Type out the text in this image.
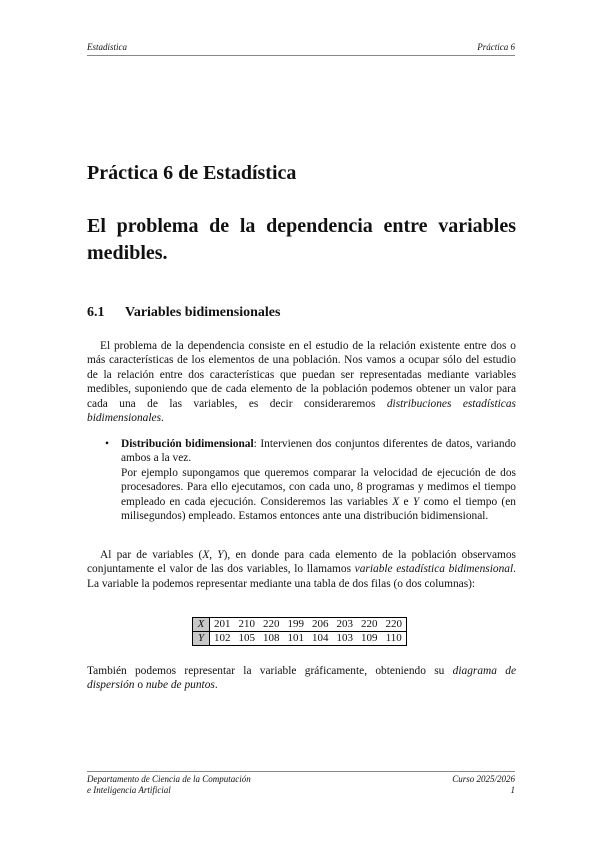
Estadística	Práctica 6
Práctica 6 de Estadística
El problema de la dependencia entre variables medibles.
6.1 Variables bidimensionales

El problema de la dependencia consiste en el estudio de la relación existente entre dos o más características de los elementos de una población. Nos vamos a ocupar sólo del estudio de la relación entre dos características que puedan ser representadas mediante variables medibles, suponiendo que de cada elemento de la población podemos obtener un valor para cada una de las variables, es decir consideraremos distribuciones estadísticas bidimensionales.

• Distribución bidimensional: Intervienen dos conjuntos diferentes de datos, variando ambos a la vez.
Por ejemplo supongamos que queremos comparar la velocidad de ejecución de dos procesadores. Para ello ejecutamos, con cada uno, 8 programas y medimos el tiempo empleado en cada ejecución. Consideremos las variables X e Y como el tiempo (en milisegundos) empleado. Estamos entonces ante una distribución bidimensional.

Al par de variables (X, Y), en donde para cada elemento de la población observamos conjuntamente el valor de las dos variables, lo llamamos variable estadística bidimensional. La variable la podemos representar mediante una tabla de dos filas (o dos columnas):

X	201	210	220	199	206	203	220	220
Y	102	105	108	101	104	103	109	110

También podemos representar la variable gráficamente, obteniendo su diagrama de dispersión o nube de puntos.

Departamento de Ciencia de la Computación
e Inteligencia Artificial
Curso 2025/2026
1
